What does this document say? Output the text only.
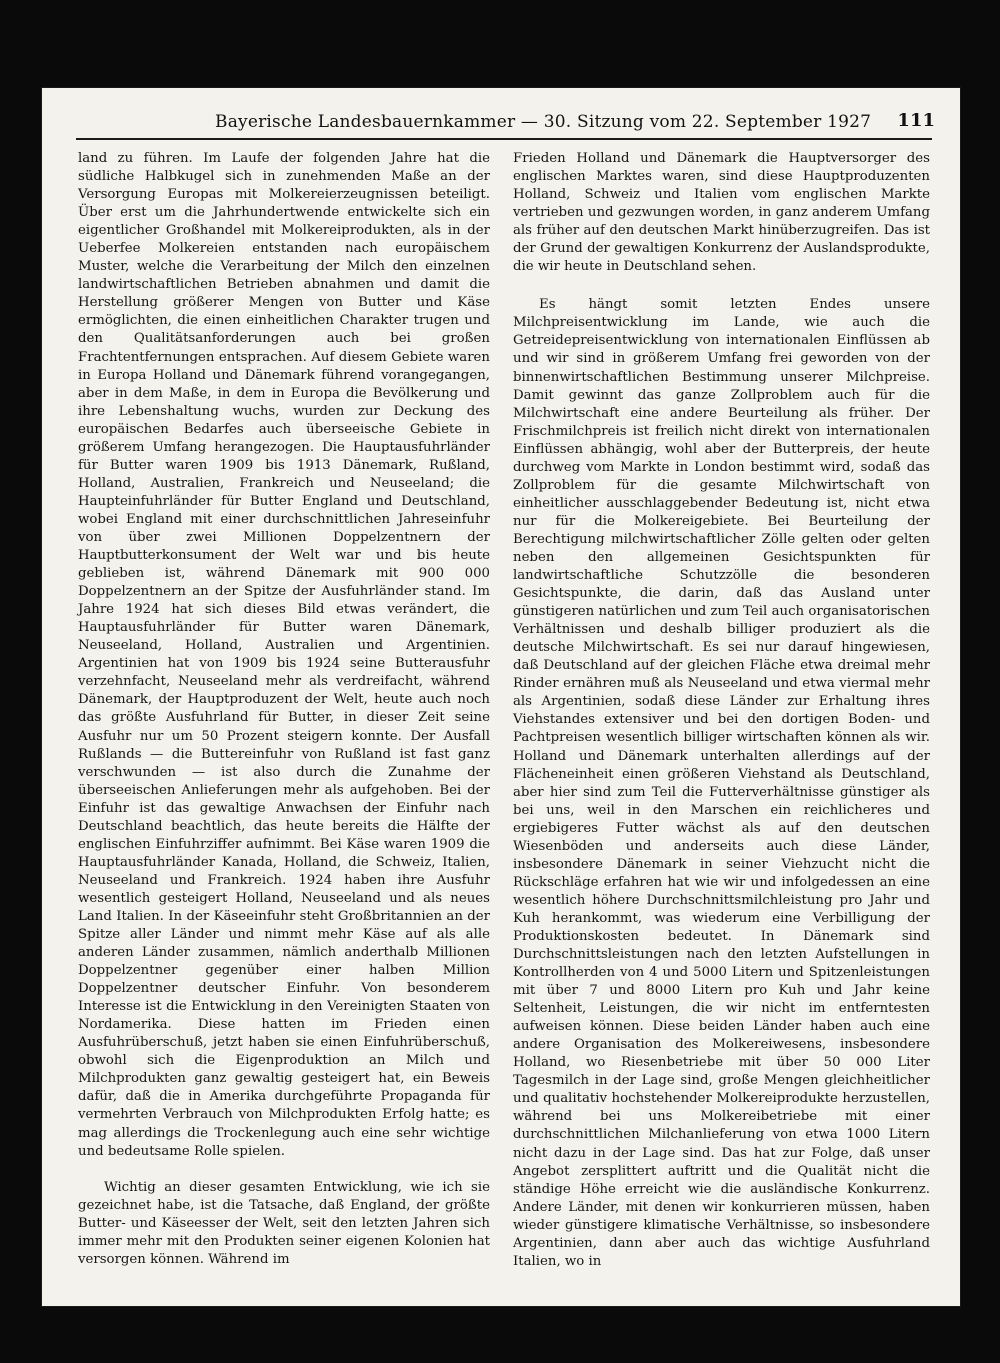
Bayerische Landesbauernkammer — 30. Sitzung vom 22. September 1927 111

land zu führen. Im Laufe der folgenden Jahre hat die südliche Halbkugel sich in zunehmenden Maße an der Versorgung Europas mit Molkereierzeugnissen beteiligt. Über erst um die Jahrhundertwende entwickelte sich ein eigentlicher Großhandel mit Molkereiprodukten, als in der Ueberfee Molkereien entstanden nach europäischem Muster, welche die Verarbeitung der Milch den einzelnen landwirtschaftlichen Betrieben abnahmen und damit die Herstellung größerer Mengen von Butter und Käse ermöglichten, die einen einheitlichen Charakter trugen und den Qualitätsanforderungen auch bei großen Frachtentfernungen entsprachen. Auf diesem Gebiete waren in Europa Holland und Dänemark führend vorangegangen, aber in dem Maße, in dem in Europa die Bevölkerung und ihre Lebenshaltung wuchs, wurden zur Deckung des europäischen Bedarfes auch überseeische Gebiete in größerem Umfang herangezogen. Die Hauptausfuhrländer für Butter waren 1909 bis 1913 Dänemark, Rußland, Holland, Australien, Frankreich und Neuseeland; die Haupteinfuhrländer für Butter England und Deutschland, wobei England mit einer durchschnittlichen Jahreseinfuhr von über zwei Millionen Doppelzentnern der Hauptbutterkonsument der Welt war und bis heute geblieben ist, während Dänemark mit 900 000 Doppelzentnern an der Spitze der Ausfuhrländer stand. Im Jahre 1924 hat sich dieses Bild etwas verändert, die Hauptausfuhrländer für Butter waren Dänemark, Neuseeland, Holland, Australien und Argentinien. Argentinien hat von 1909 bis 1924 seine Butterausfuhr verzehnfacht, Neuseeland mehr als verdreifacht, während Dänemark, der Hauptproduzent der Welt, heute auch noch das größte Ausfuhrland für Butter, in dieser Zeit seine Ausfuhr nur um 50 Prozent steigern konnte. Der Ausfall Rußlands — die Buttereinfuhr von Rußland ist fast ganz verschwunden — ist also durch die Zunahme der überseeischen Anlieferungen mehr als aufgehoben. Bei der Einfuhr ist das gewaltige Anwachsen der Einfuhr nach Deutschland beachtlich, das heute bereits die Hälfte der englischen Einfuhrziffer aufnimmt. Bei Käse waren 1909 die Hauptausfuhrländer Kanada, Holland, die Schweiz, Italien, Neuseeland und Frankreich. 1924 haben ihre Ausfuhr wesentlich gesteigert Holland, Neuseeland und als neues Land Italien. In der Käseeinfuhr steht Großbritannien an der Spitze aller Länder und nimmt mehr Käse auf als alle anderen Länder zusammen, nämlich anderthalb Millionen Doppelzentner gegenüber einer halben Million Doppelzentner deutscher Einfuhr. Von besonderem Interesse ist die Entwicklung in den Vereinigten Staaten von Nordamerika. Diese hatten im Frieden einen Ausfuhrüberschuß, jetzt haben sie einen Einfuhrüberschuß, obwohl sich die Eigenproduktion an Milch und Milchprodukten ganz gewaltig gesteigert hat, ein Beweis dafür, daß die in Amerika durchgeführte Propaganda für vermehrten Verbrauch von Milchprodukten Erfolg hatte; es mag allerdings die Trockenlegung auch eine sehr wichtige und bedeutsame Rolle spielen.

Wichtig an dieser gesamten Entwicklung, wie ich sie gezeichnet habe, ist die Tatsache, daß England, der größte Butter- und Käseesser der Welt, seit den letzten Jahren sich immer mehr mit den Produkten seiner eigenen Kolonien hat versorgen können. Während im

Frieden Holland und Dänemark die Hauptversorger des englischen Marktes waren, sind diese Hauptproduzenten Holland, Schweiz und Italien vom englischen Markte vertrieben und gezwungen worden, in ganz anderem Umfang als früher auf den deutschen Markt hinüberzugreifen. Das ist der Grund der gewaltigen Konkurrenz der Auslandsprodukte, die wir heute in Deutschland sehen.

Es hängt somit letzten Endes unsere Milchpreisentwicklung im Lande, wie auch die Getreidepreisentwicklung von internationalen Einflüssen ab und wir sind in größerem Umfang frei geworden von der binnenwirtschaftlichen Bestimmung unserer Milchpreise. Damit gewinnt das ganze Zollproblem auch für die Milchwirtschaft eine andere Beurteilung als früher. Der Frischmilchpreis ist freilich nicht direkt von internationalen Einflüssen abhängig, wohl aber der Butterpreis, der heute durchweg vom Markte in London bestimmt wird, sodaß das Zollproblem für die gesamte Milchwirtschaft von einheitlicher ausschlaggebender Bedeutung ist, nicht etwa nur für die Molkereigebiete. Bei Beurteilung der Berechtigung milchwirtschaftlicher Zölle gelten oder gelten neben den allgemeinen Gesichtspunkten für landwirtschaftliche Schutzzölle die besonderen Gesichtspunkte, die darin, daß das Ausland unter günstigeren natürlichen und zum Teil auch organisatorischen Verhältnissen und deshalb billiger produziert als die deutsche Milchwirtschaft. Es sei nur darauf hingewiesen, daß Deutschland auf der gleichen Fläche etwa dreimal mehr Rinder ernähren muß als Neuseeland und etwa viermal mehr als Argentinien, sodaß diese Länder zur Erhaltung ihres Viehstandes extensiver und bei den dortigen Boden- und Pachtpreisen wesentlich billiger wirtschaften können als wir. Holland und Dänemark unterhalten allerdings auf der Flächeneinheit einen größeren Viehstand als Deutschland, aber hier sind zum Teil die Futterverhältnisse günstiger als bei uns, weil in den Marschen ein reichlicheres und ergiebigeres Futter wächst als auf den deutschen Wiesenböden und anderseits auch diese Länder, insbesondere Dänemark in seiner Viehzucht nicht die Rückschläge erfahren hat wie wir und infolgedessen an eine wesentlich höhere Durchschnittsmilchleistung pro Jahr und Kuh herankommt, was wiederum eine Verbilligung der Produktionskosten bedeutet. In Dänemark sind Durchschnittsleistungen nach den letzten Aufstellungen in Kontrollherden von 4 und 5000 Litern und Spitzenleistungen mit über 7 und 8000 Litern pro Kuh und Jahr keine Seltenheit, Leistungen, die wir nicht im entferntesten aufweisen können. Diese beiden Länder haben auch eine andere Organisation des Molkereiwesens, insbesondere Holland, wo Riesenbetriebe mit über 50 000 Liter Tagesmilch in der Lage sind, große Mengen gleichheitlicher und qualitativ hochstehender Molkereiprodukte herzustellen, während bei uns Molkereibetriebe mit einer durchschnittlichen Milchanlieferung von etwa 1000 Litern nicht dazu in der Lage sind. Das hat zur Folge, daß unser Angebot zersplittert auftritt und die Qualität nicht die ständige Höhe erreicht wie die ausländische Konkurrenz. Andere Länder, mit denen wir konkurrieren müssen, haben wieder günstigere klimatische Verhältnisse, so insbesondere Argentinien, dann aber auch das wichtige Ausfuhrland Italien, wo in
